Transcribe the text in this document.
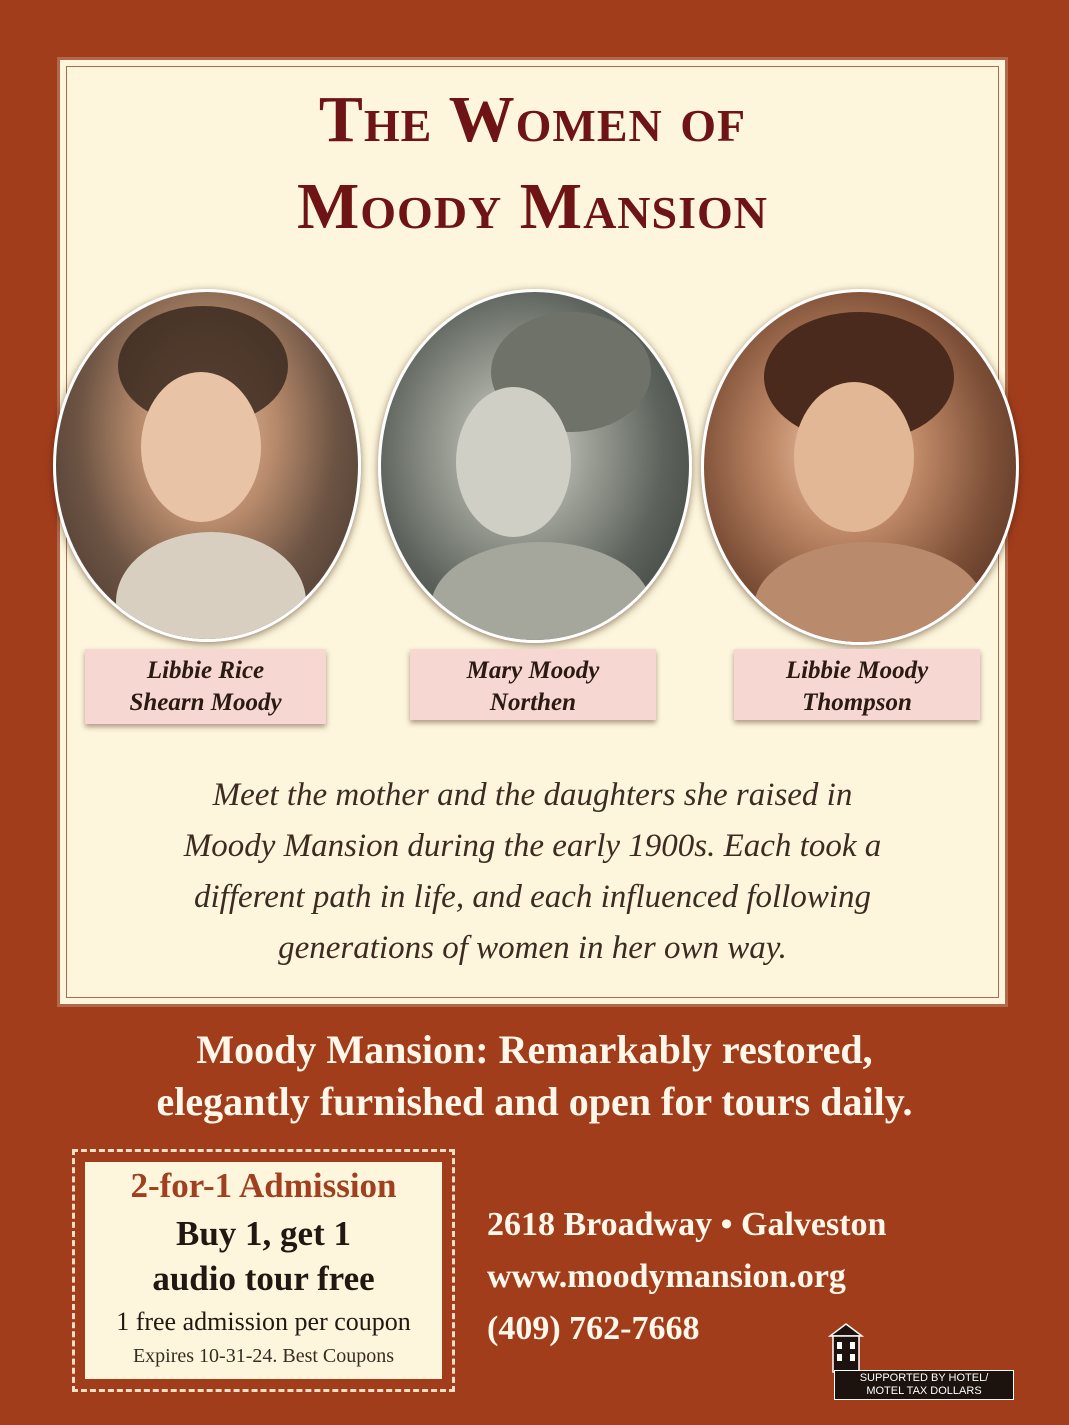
The Women of
Moody Mansion
Libbie Rice
Shearn Moody
Mary Moody
Northen
Libbie Moody
Thompson
Meet the mother and the daughters she raised in
Moody Mansion during the early 1900s. Each took a
different path in life, and each influenced following
generations of women in her own way.
Moody Mansion: Remarkably restored,
elegantly furnished and open for tours daily.
2-for-1 Admission
Buy 1, get 1
audio tour free
1 free admission per coupon
Expires 10-31-24. Best Coupons
2618 Broadway • Galveston
www.moodymansion.org
(409) 762-7668
SUPPORTED BY HOTEL/
MOTEL TAX DOLLARS
